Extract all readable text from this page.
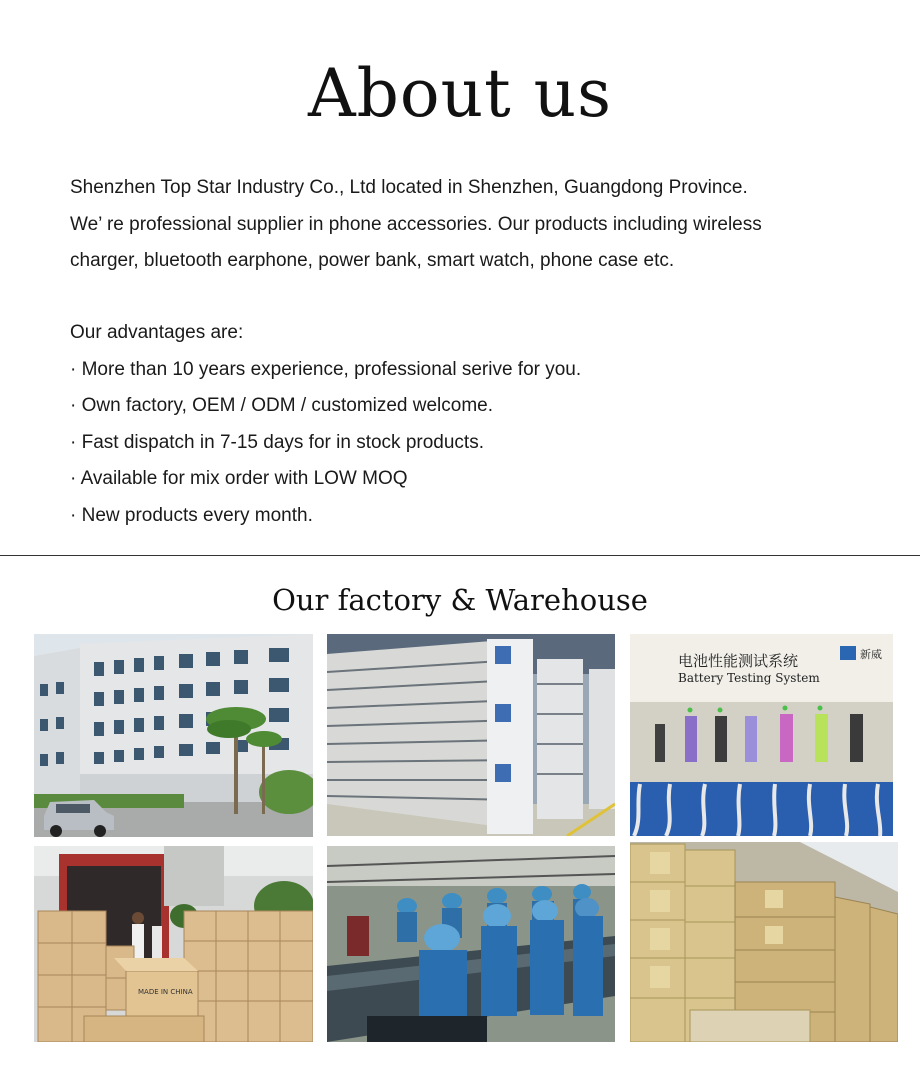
About us

Shenzhen Top Star Industry Co., Ltd located in Shenzhen, Guangdong Province.

We’ re professional supplier in phone accessories. Our products including wireless

charger, bluetooth earphone, power bank, smart watch, phone case etc.

Our advantages are:
· More than 10 years experience, professional serive for you.
· Own factory, OEM / ODM / customized welcome.
· Fast dispatch in 7-15 days for in stock products.
· Available for mix order with LOW MOQ
· New products every month.
Our factory & Warehouse
电池性能测试系统
Battery Testing System
新威
MADE IN CHINA
